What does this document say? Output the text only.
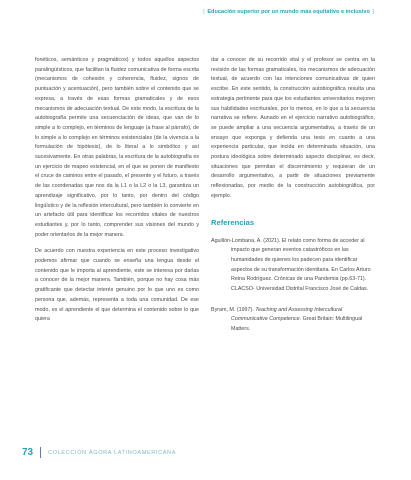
[ Educación superior por un mundo más equitativo e inclusivo ]

fonéticos, semánticos y pragmáticos) y todos aquellos aspectos paralingüísticos, que facilitan la fluidez comunicativa de forma escrita (mecanismos de cohesión y coherencia, fluidez, signos de puntuación y acentuación), pero también sobre el contenido que se expresa, a través de esas formas gramaticales y de esos mecanismos de adecuación textual. De este modo, la escritura de la autobiografía permite una secuenciación de ideas, que van de lo simple a lo complejo, en términos de lenguaje (a frase al párrafo), de lo simple a lo complejo en términos existenciales (de la vivencia a la formulación de hipótesis), de lo literal a lo simbólico y así sucesivamente. En otras palabras, la escritura de la autobiografía es un ejercicio de mapeo existencial, en el que se ponen de manifiesto el cruce de caminos entre el pasado, el presente y el futuro, a través de las coordenadas que nos da la L1 o la L2 o la L3, garantiza un aprendizaje significativo, por lo tanto, por dentro del código lingüístico y de la reflexión intercultural, pero también lo convierte en un artefacto útil para identificar los recorridos vitales de nuestros estudiantes y, por lo tanto, comprender sus visiones del mundo y poder orientarlos de la mejor manera.

De acuerdo con nuestra experiencia en este proceso investigativo podemos afirmar que cuando se enseña una lengua desde el contenido que le importa al aprendiente, este se interesa por darlas a conocer de la mejor manera. También, porque no hay cosa más gratificante que detectar interés genuino por lo que uno es como persona que, además, representa a toda una comunidad. De ese modo, es el aprendiente el que determina el contenido sobre lo que quiera

dar a conocer de su recorrido vital y el profesor se centra en la revisión de las formas gramaticales, los mecanismos de adecuación textual, de acuerdo con las intenciones comunicativas de quien escribe. En este sentido, la construcción autobiográfica resulta una estrategia pertinente para que los estudiantes universitarios mejoren sus habilidades escriturales, por lo menos, en lo que a la secuencia narrativa se refiere. Aunado en el ejercicio narrativo autobiográfico, se puede ampliar a una secuencia argumentativa, a través de un ensayo que exponga y defienda una tesis en cuanto a una experiencia particular, que incida en determinada situación, una postura ideológica sobre determinado aspecto disciplinar, es decir, situaciones que permitan el discernimiento y requieran de un desarrollo argumentativo, a partir de situaciones previamente reflexionadas, por medio de la construcción autobiográfica, por ejemplo.

Referencias

Aguillón-Lombana, A. (2021). El relato como forma de acceder al impacto que generan eventos catastróficos en las humanidades de quienes los padecen para identificar aspectos de su transformación identitaria. En Carlos Arturo Reina Rodríguez. Crónicas de una Pandemia (pp.63-71). CLACSO- Universidad Distrital Francisco José de Caldas.

Byram, M. (1997). Teaching and Assessing Intercultural Communicative Competence. Great Britain: Multilingual Matters.

73	COLECCIÓN ÁGORA LATINOAMERICANA
